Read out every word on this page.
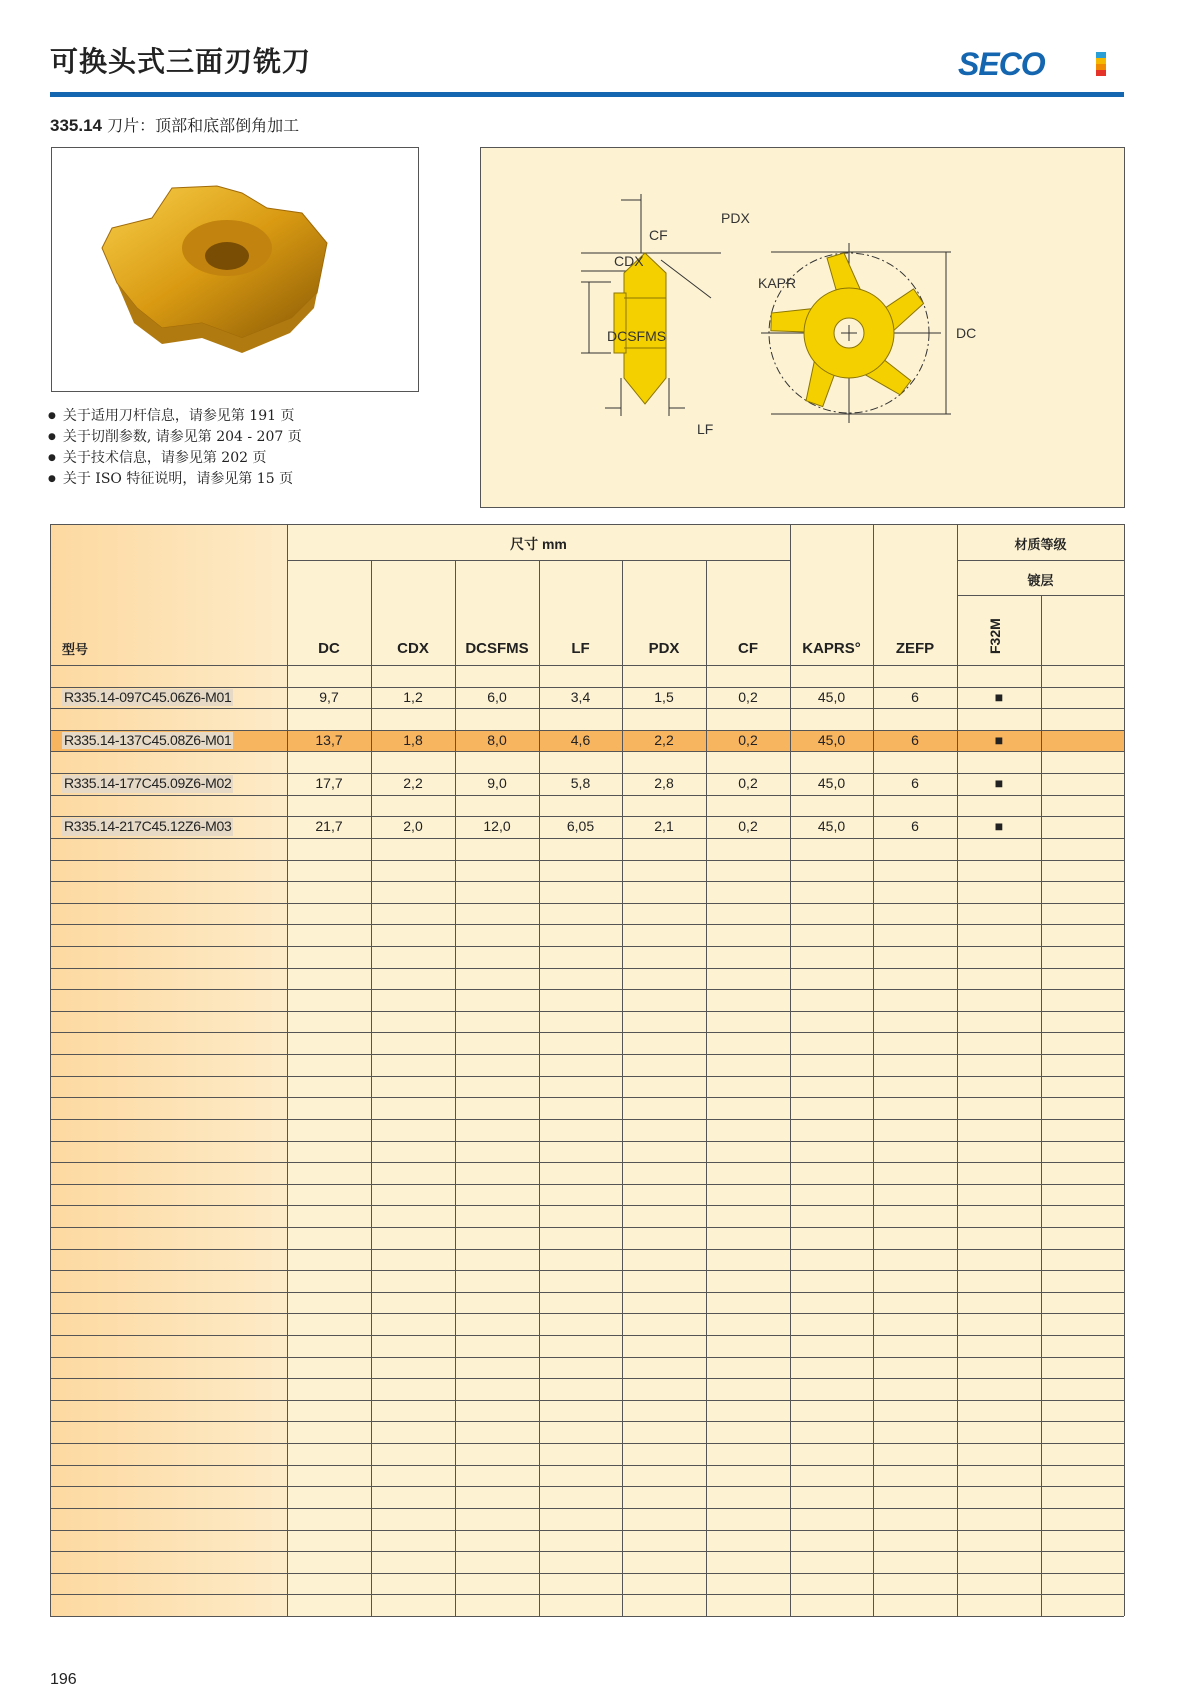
可换头式三面刃铣刀	SECO
335.14 刀片：顶部和底部倒角加工
PDX
CF
CDX
KAPR
DCSFMS
LF
DC
● 关于适用刀杆信息，请参见第 191 页
● 关于切削参数, 请参见第 204 - 207 页
● 关于技术信息，请参见第 202 页
● 关于 ISO 特征说明，请参见第 15 页
型号
尺寸 mm	材质等级
镀层
DC	CDX	DCSFMS	LF	PDX	CF	KAPRS°	ZEFP	F32M
R335.14-097C45.06Z6-M01	9,7	1,2	6,0	3,4	1,5	0,2	45,0	6	■
R335.14-137C45.08Z6-M01	13,7	1,8	8,0	4,6	2,2	0,2	45,0	6	■
R335.14-177C45.09Z6-M02	17,7	2,2	9,0	5,8	2,8	0,2	45,0	6	■
R335.14-217C45.12Z6-M03	21,7	2,0	12,0	6,05	2,1	0,2	45,0	6	■
196
